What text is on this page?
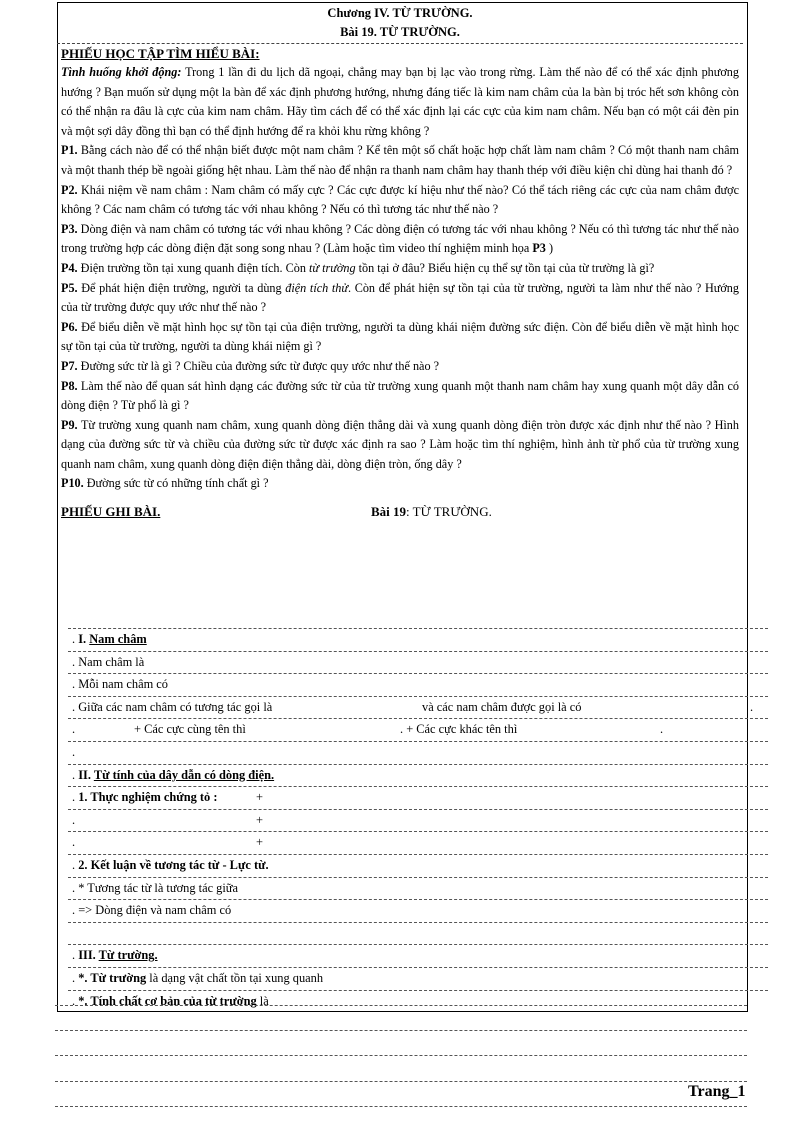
Chương IV. TỪ TRƯỜNG.
Bài 19. TỪ TRƯỜNG.
PHIẾU HỌC TẬP TÌM HIỂU BÀI:

Tình huống khởi động: Trong 1 lần đi du lịch dã ngoại, chẳng may bạn bị lạc vào trong rừng. Làm thế nào để có thể xác định phương hướng ? Bạn muốn sử dụng một la bàn để xác định phương hướng, nhưng đáng tiếc là kim nam châm của la bàn bị tróc hết sơn không còn có thể nhận ra đâu là cực của kim nam châm. Hãy tìm cách để có thể xác định lại các cực của kim nam châm. Nếu bạn có một cái đèn pin và một sợi dây đồng thì bạn có thể định hướng để ra khỏi khu rừng không ?

P1. Bằng cách nào để có thể nhận biết được một nam châm ? Kể tên một số chất hoặc hợp chất làm nam châm ? Có một thanh nam châm và một thanh thép bề ngoài giống hệt nhau. Làm thế nào để nhận ra thanh nam châm hay thanh thép với điều kiện chỉ dùng hai thanh đó ?

P2. Khái niệm về nam châm : Nam châm có mấy cực ? Các cực được kí hiệu như thế nào? Có thể tách riêng các cực của nam châm được không ? Các nam châm có tương tác với nhau không ? Nếu có thì tương tác như thế nào ?

P3. Dòng điện và nam châm có tương tác với nhau không ? Các dòng điện có tương tác với nhau không ? Nếu có thì tương tác như thế nào trong trường hợp các dòng điện đặt song song nhau ? (Làm hoặc tìm video thí nghiệm minh họa P3 )

P4. Điện trường tồn tại xung quanh điện tích. Còn từ trường tồn tại ở đâu? Biểu hiện cụ thể sự tồn tại của từ trường là gì?

P5. Để phát hiện điện trường, người ta dùng điện tích thử. Còn để phát hiện sự tồn tại của từ trường, người ta làm như thế nào ? Hướng của từ trường được quy ước như thế nào ?

P6. Để biểu diễn về mặt hình học sự tồn tại của điện trường, người ta dùng khái niệm đường sức điện. Còn để biểu diễn về mặt hình học sự tồn tại của từ trường, người ta dùng khái niệm gì ?

P7. Đường sức từ là gì ? Chiều của đường sức từ được quy ước như thế nào ?

P8. Làm thế nào để quan sát hình dạng các đường sức từ của từ trường xung quanh một thanh nam châm hay xung quanh một dây dẫn có dòng điện ? Từ phổ là gì ?

P9. Từ trường xung quanh nam châm, xung quanh dòng điện thẳng dài và xung quanh dòng điện tròn được xác định như thế nào ? Hình dạng của đường sức từ và chiều của đường sức từ được xác định ra sao ? Làm hoặc tìm thí nghiệm, hình ảnh từ phổ của từ trường xung quanh nam châm, xung quanh dòng điện điện thẳng dài, dòng điện tròn, ống dây ?

P10. Đường sức từ có những tính chất gì ?

PHIẾU GHI BÀI.	Bài 19: TỪ TRƯỜNG.
. I. Nam châm
. Nam châm là
. Mỗi nam châm có
. Giữa các nam châm có tương tác gọi là	và các nam châm được gọi là có	.
.	+ Các cực cùng tên thì	. + Các cực khác tên thì	.
.
. II. Từ tính của dây dẫn có dòng điện.
. 1. Thực nghiệm chứng tỏ :	+
.	+
.	+
. 2. Kết luận về tương tác từ - Lực từ.
. * Tương tác từ là tương tác giữa
. => Dòng điện và nam châm có
. III. Từ trường.
. *. Từ trường là dạng vật chất tồn tại xung quanh
. *. Tính chất cơ bản của từ trường là
Trang_1
